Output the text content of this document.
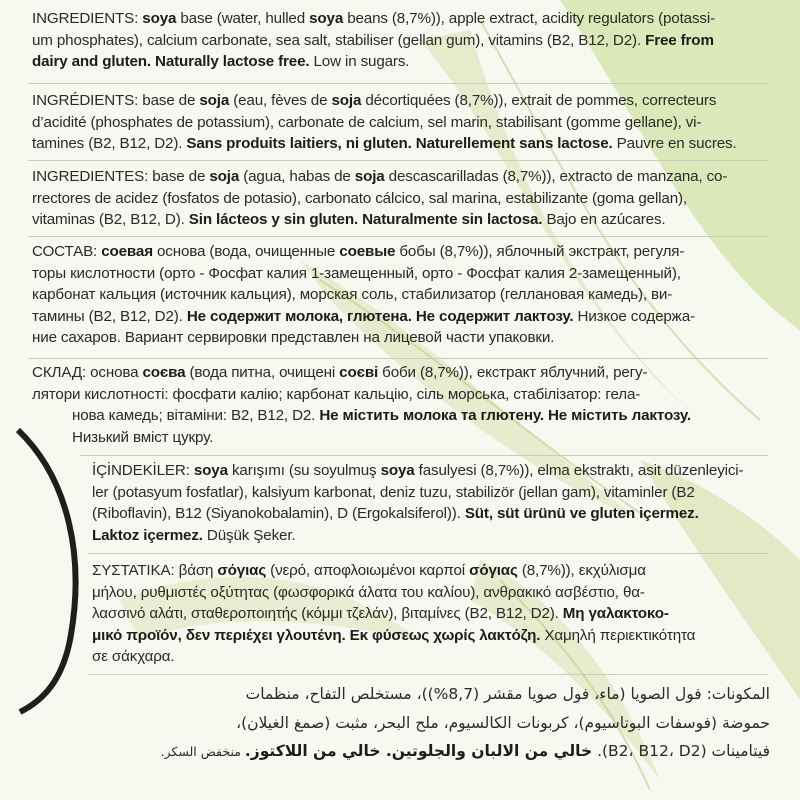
INGREDIENTS: soya base (water, hulled soya beans (8,7%)), apple extract, acidity regulators (potassi-
um phosphates), calcium carbonate, sea salt, stabiliser (gellan gum), vitamins (B2, B12, D2). Free from
dairy and gluten. Naturally lactose free. Low in sugars.

INGRÉDIENTS: base de soja (eau, fèves de soja décortiquées (8,7%)), extrait de pommes, correcteurs
d’acidité (phosphates de potassium), carbonate de calcium, sel marin, stabilisant (gomme gellane), vi-
tamines (B2, B12, D2). Sans produits laitiers, ni gluten. Naturellement sans lactose. Pauvre en sucres.

INGREDIENTES: base de soja (agua, habas de soja descascarilladas (8,7%)), extracto de manzana, co-
rrectores de acidez (fosfatos de potasio), carbonato cálcico, sal marina, estabilizante (goma gellan),
vitaminas (B2, B12, D). Sin lácteos y sin gluten. Naturalmente sin lactosa. Bajo en azúcares.

СОСТАВ: соевая основа (вода, очищенные соевые бобы (8,7%)), яблочный экстракт, регуля-
торы кислотности (орто - Фосфат калия 1-замещенный, орто - Фосфат калия 2-замещенный),
карбонат кальция (источник кальция), морская соль, стабилизатор (геллановая камедь), ви-
тамины (B2, B12, D2). Не содержит молока, глютена. Не содержит лактозу. Низкое содержа-
ние сахаров. Вариант сервировки представлен на лицевой части упаковки.

СКЛАД: основа соєва (вода питна, очищені соєві боби (8,7%)), екстракт яблучний, регу-
лятори кислотності: фосфати калію; карбонат кальцію, сіль морська, стабілізатор: гела-
нова камедь; вітаміни: B2, B12, D2. Не містить молока та глютену. Не містить лактозу.
Низький вміст цукру.

İÇİNDEKİLER: soya karışımı (su soyulmuş soya fasulyesi (8,7%)), elma ekstraktı, asit düzenleyici-
ler (potasyum fosfatlar), kalsiyum karbonat, deniz tuzu, stabilizör (jellan gam), vitaminler (B2
(Riboflavin), B12 (Siyanokobalamin), D (Ergokalsiferol)). Süt, süt ürünü ve gluten içermez.
Laktoz içermez. Düşük Şeker.

ΣΥΣΤΑΤΙΚΑ: βάση σόγιας (νερό, αποφλοιωμένοι καρποί σόγιας (8,7%)), εκχύλισμα
μήλου, ρυθμιστές οξύτητας (φωσφορικά άλατα του καλίου), ανθρακικό ασβέστιο, θα-
λασσινό αλάτι, σταθεροποιητής (κόμμι τζελάν), βιταμίνες (B2, B12, D2). Μη γαλακτοκο-
μικό προϊόν, δεν περιέχει γλουτένη. Εκ φύσεως χωρίς λακτόζη. Χαμηλή περιεκτικότητα
σε σάκχαρα.

المكونات: فول الصويا (ماء، فول صويا مقشر (8,7%))، مستخلص التفاح، منظمات
حموضة (فوسفات البوتاسيوم)، كربونات الكالسيوم، ملح البحر، مثبت (صمغ الغيلان)،
فيتامينات (B2، B12، D2). خالي من الالبان والجلوتين. خالي من اللاكتوز. منخفض السكر.
